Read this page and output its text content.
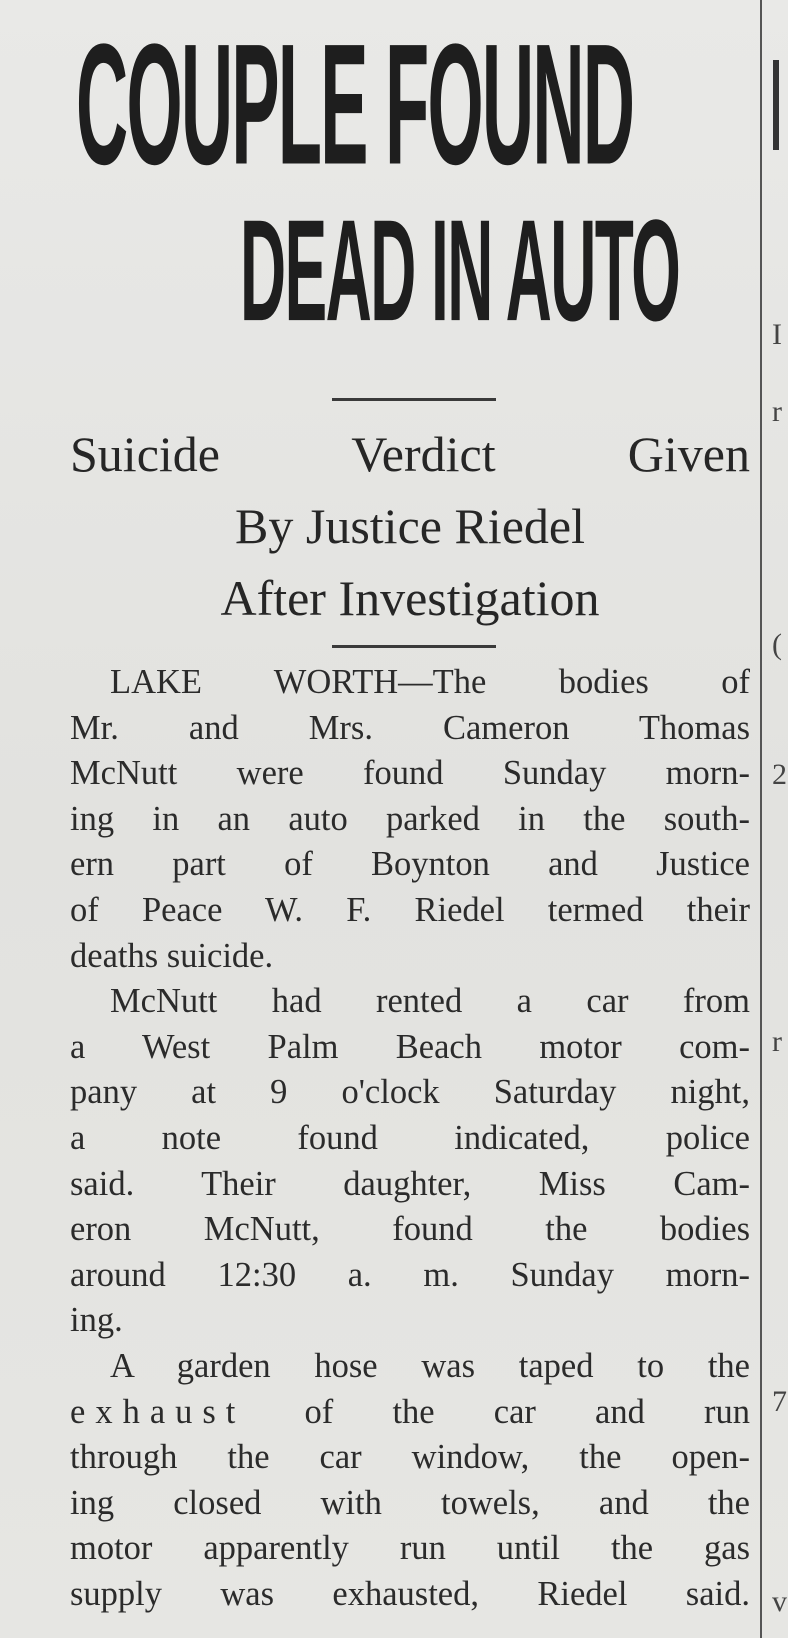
COUPLE FOUND
DEAD IN AUTO
Suicide Verdict Given
By Justice Riedel
After Investigation

LAKE WORTH—The bodies of
Mr. and Mrs. Cameron Thomas
McNutt were found Sunday morn-
ing in an auto parked in the south-
ern part of Boynton and Justice
of Peace W. F. Riedel termed their
deaths suicide.

McNutt had rented a car from
a West Palm Beach motor com-
pany at 9 o'clock Saturday night,
a note found indicated, police
said. Their daughter, Miss Cam-
eron McNutt, found the bodies
around 12:30 a. m. Sunday morn-
ing.

A garden hose was taped to the
exhaust of the car and run
through the car window, the open-
ing closed with towels, and the
motor apparently run until the gas
supply was exhausted, Riedel said.

I
r
(
2
r
7
v
